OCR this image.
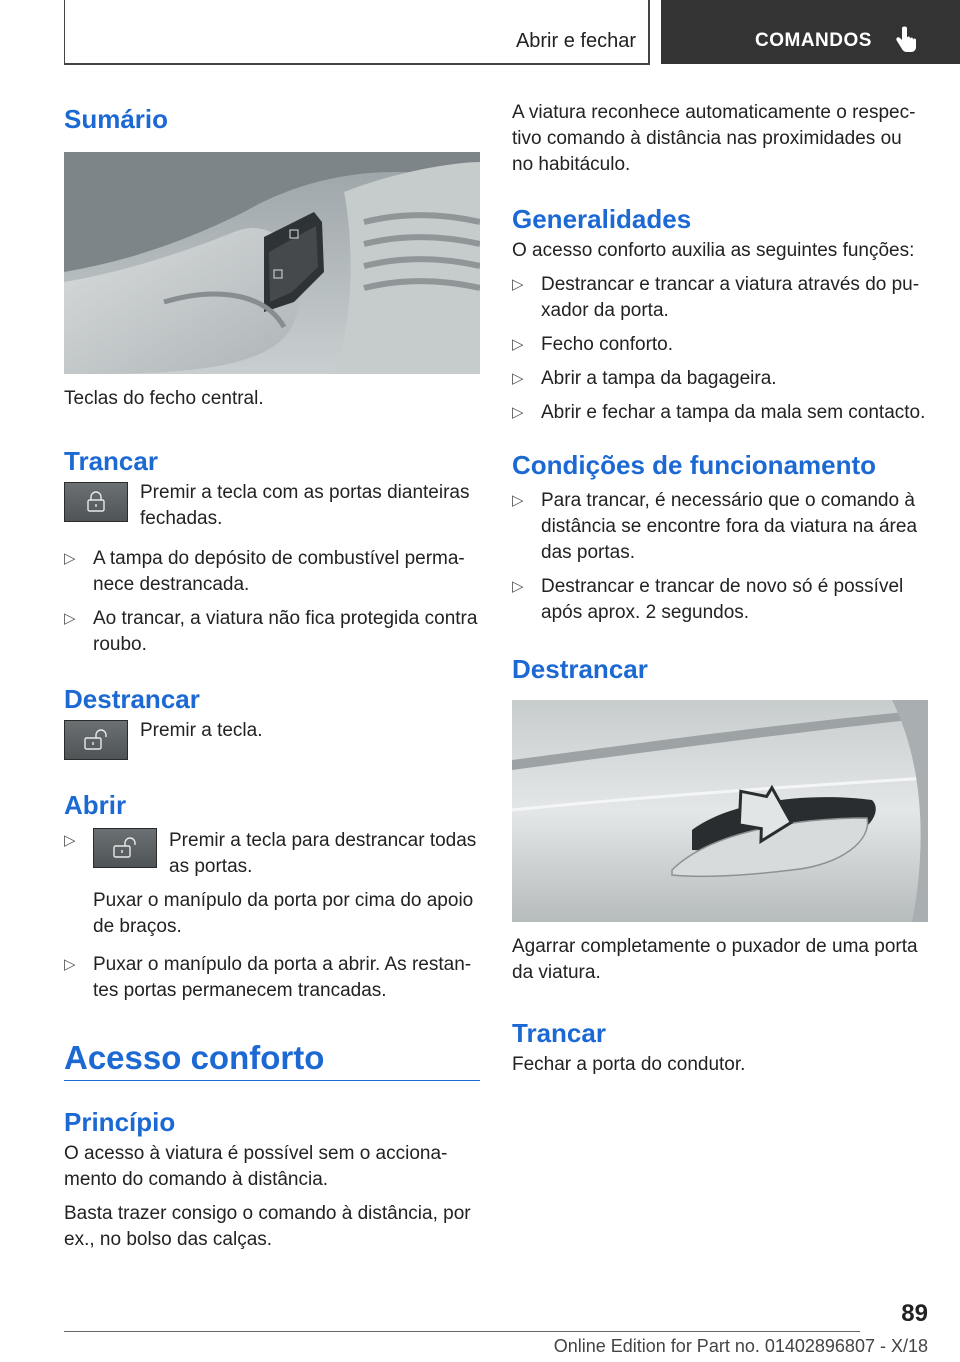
Abrir e fechar	COMANDOS
Sumário

Teclas do fecho central.

Trancar

Premir a tecla com as portas dianteiras fechadas.

▷ A tampa do depósito de combustível perma-nece destrancada.
▷ Ao trancar, a viatura não fica protegida contra roubo.
Destrancar

Premir a tecla.

Abrir
▷	Premir a tecla para destrancar todas as portas.

Puxar o manípulo da porta por cima do apoio de braços.

▷ Puxar o manípulo da porta a abrir. As restan-tes portas permanecem trancadas.
Acesso conforto
Princípio

O acesso à viatura é possível sem o acciona-mento do comando à distância.

Basta trazer consigo o comando à distância, por ex., no bolso das calças.

A viatura reconhece automaticamente o respec-tivo comando à distância nas proximidades ou no habitáculo.

Generalidades

O acesso conforto auxilia as seguintes funções:

▷ Destrancar e trancar a viatura através do pu-xador da porta.
▷ Fecho conforto.
▷ Abrir a tampa da bagageira.
▷ Abrir e fechar a tampa da mala sem contacto.
Condições de funcionamento
▷ Para trancar, é necessário que o comando à distância se encontre fora da viatura na área das portas.
▷ Destrancar e trancar de novo só é possível após aprox. 2 segundos.
Destrancar

Agarrar completamente o puxador de uma porta da viatura.

Trancar

Fechar a porta do condutor.

89
Online Edition for Part no. 01402896807 - X/18
